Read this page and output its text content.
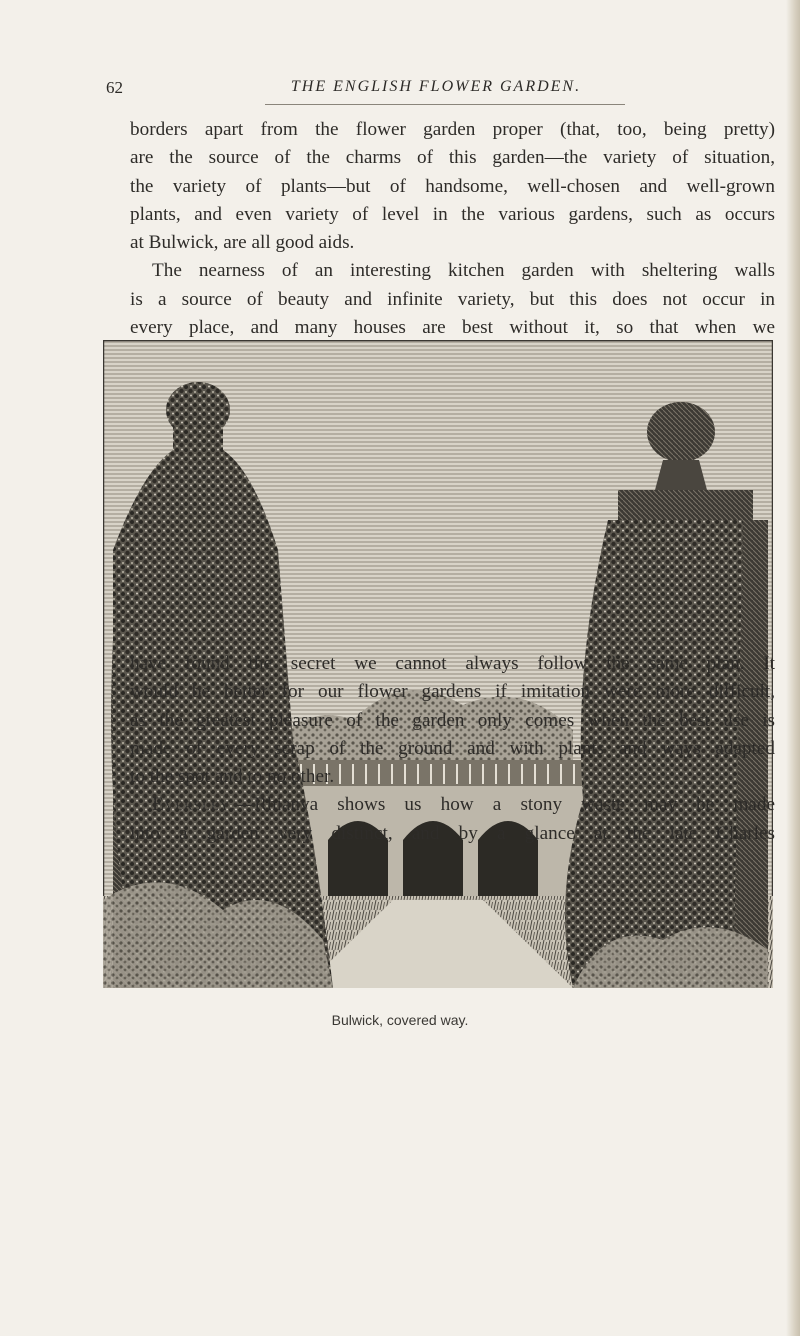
62	THE ENGLISH FLOWER GARDEN.
borders apart from the flower garden proper (that, too, being pretty)
are the source of the charms of this garden—the variety of situation,
the variety of plants—but of handsome, well-chosen and well-grown
plants, and even variety of level in the various gardens, such as occurs
at Bulwick, are all good aids.
The nearness of an interesting kitchen garden with sheltering walls
is a source of beauty and infinite variety, but this does not occur in
every place, and many houses are best without it, so that when we
Bulwick, covered way.
have found the secret we cannot always follow the same plan. It
would be better for our flower gardens if imitation were more difficult,
as the greatest pleasure of the garden only comes when the best use is
made of every scrap of the ground and with plants and ways adapted
to the spot and to no other.
Eversley.—Rhianva shows us how a stony waste may be made
into a garden very distinct, and by a glance at the late Charles
